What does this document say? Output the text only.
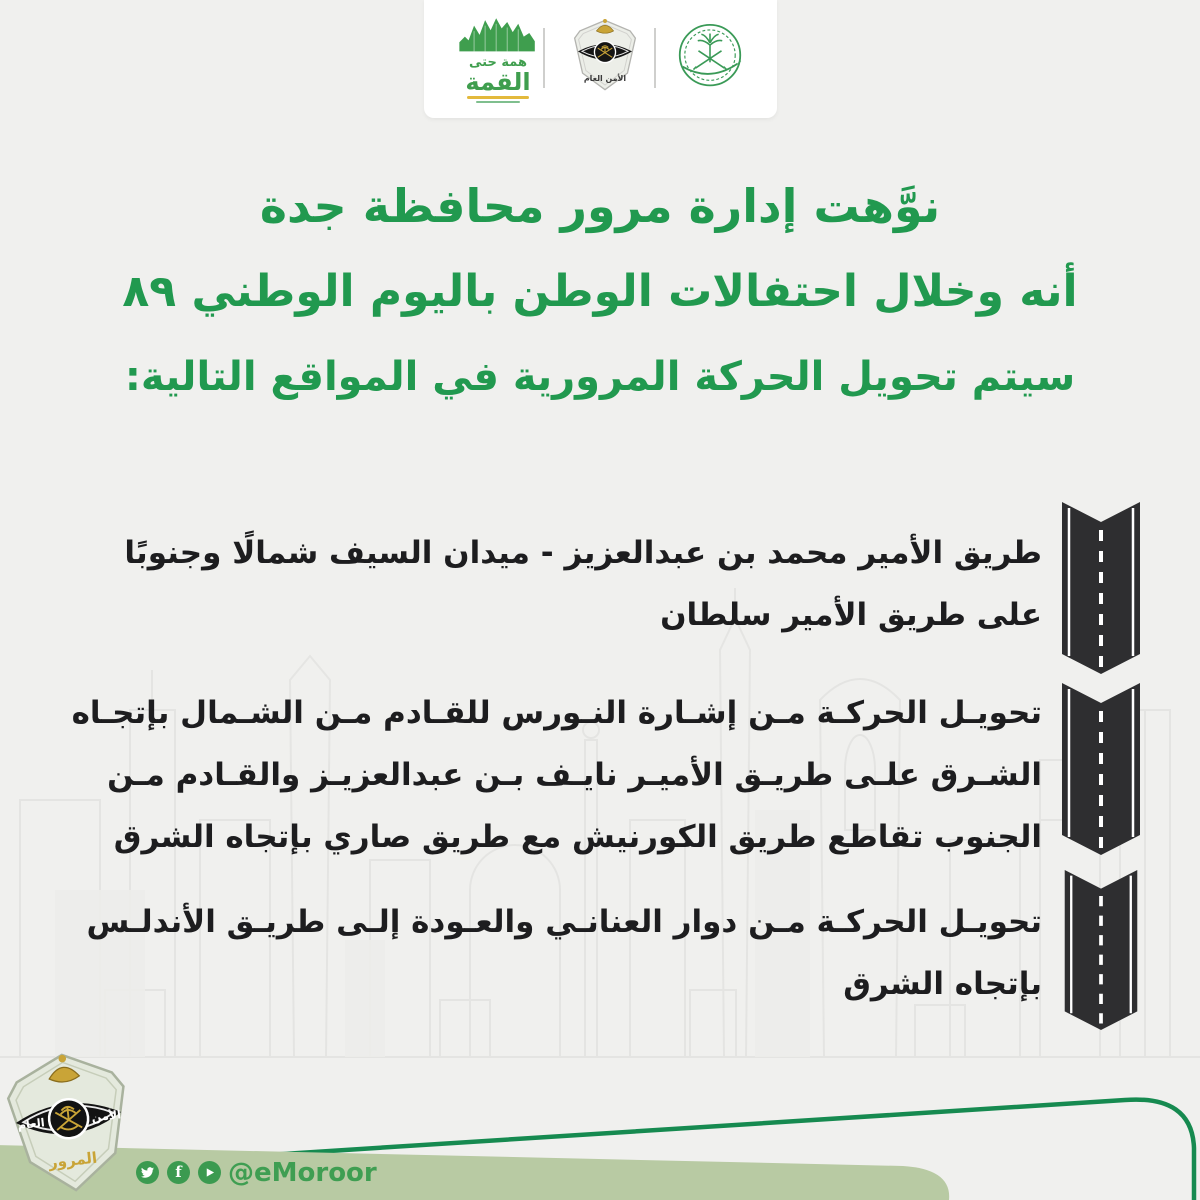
همة حتى
القمة	الأمن العام
نوَّهت إدارة مرور محافظة جدة
أنه وخلال احتفالات الوطن باليوم الوطني ٨٩
سيتم تحويل الحركة المرورية في المواقع التالية:
طريق الأمير محمد بن عبدالعزيز - ميدان السيف شمالًا وجنوبًا
على طريق الأمير سلطان
تحويـل الحركـة مـن إشـارة النـورس للقـادم مـن الشـمال بإتجـاه
الشـرق علـى طريـق الأميـر نايـف بـن عبدالعزيـز والقـادم مـن
الجنوب تقاطع طريق الكورنيش مع طريق صاري بإتجاه الشرق
تحويـل الحركـة مـن دوار العنانـي والعـودة إلـى طريـق الأندلـس
بإتجاه الشرق
f @eMoroor
الأمن
العام
المرور
